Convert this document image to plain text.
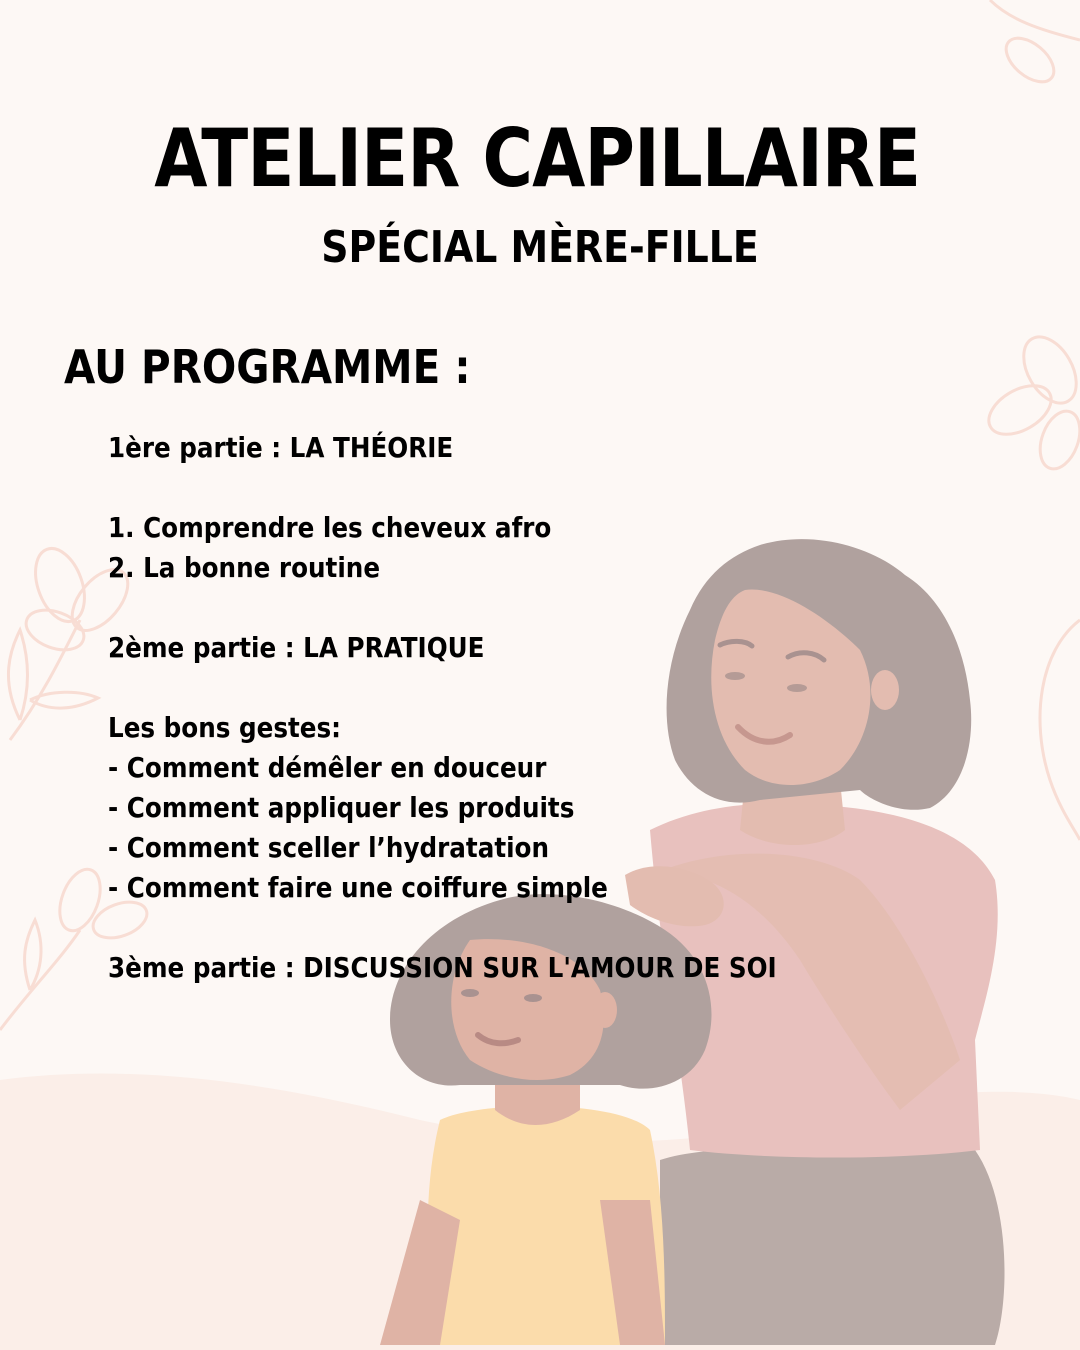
ATELIER CAPILLAIRE
SPÉCIAL MÈRE-FILLE
AU PROGRAMME :
1ère partie : LA THÉORIE
1. Comprendre les cheveux afro
2. La bonne routine
2ème partie : LA PRATIQUE
Les bons gestes:
- Comment démêler en douceur
- Comment appliquer les produits
- Comment sceller l’hydratation
- Comment faire une coiffure simple
3ème partie : DISCUSSION SUR L'AMOUR DE SOI
